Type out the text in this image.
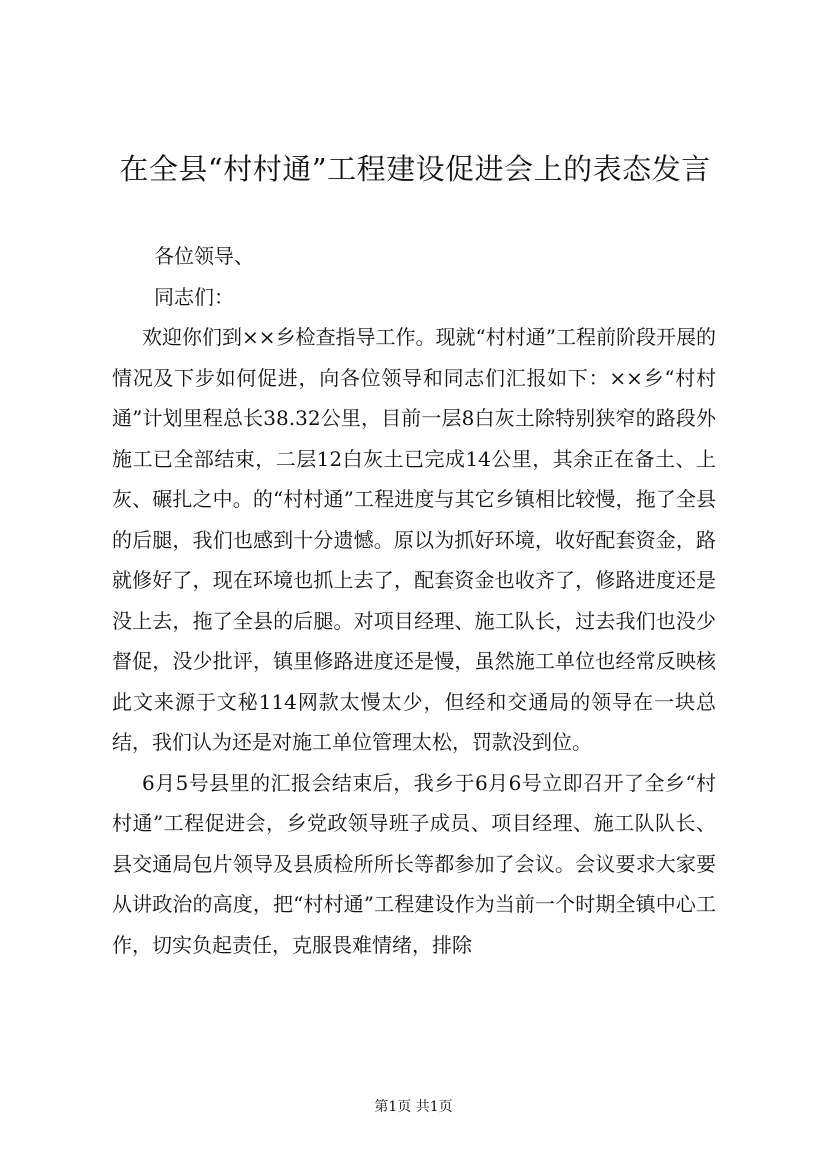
在全县“村村通”工程建设促进会上的表态发言

各位领导、

同志们：

欢迎你们到××乡检查指导工作。现就“村村通”工程前阶段开展的情况及下步如何促进，向各位领导和同志们汇报如下：××乡“村村通”计划里程总长38.32公里，目前一层8白灰土除特别狭窄的路段外施工已全部结束，二层12白灰土已完成14公里，其余正在备土、上灰、碾扎之中。的“村村通”工程进度与其它乡镇相比较慢，拖了全县的后腿，我们也感到十分遗憾。原以为抓好环境，收好配套资金，路就修好了，现在环境也抓上去了，配套资金也收齐了，修路进度还是没上去，拖了全县的后腿。对项目经理、施工队长，过去我们也没少督促，没少批评，镇里修路进度还是慢，虽然施工单位也经常反映核此文来源于文秘114网款太慢太少，但经和交通局的领导在一块总结，我们认为还是对施工单位管理太松，罚款没到位。

6月5号县里的汇报会结束后，我乡于6月6号立即召开了全乡“村村通”工程促进会，乡党政领导班子成员、项目经理、施工队队长、县交通局包片领导及县质检所所长等都参加了会议。会议要求大家要从讲政治的高度，把“村村通”工程建设作为当前一个时期全镇中心工作，切实负起责任，克服畏难情绪，排除

第1页 共1页
